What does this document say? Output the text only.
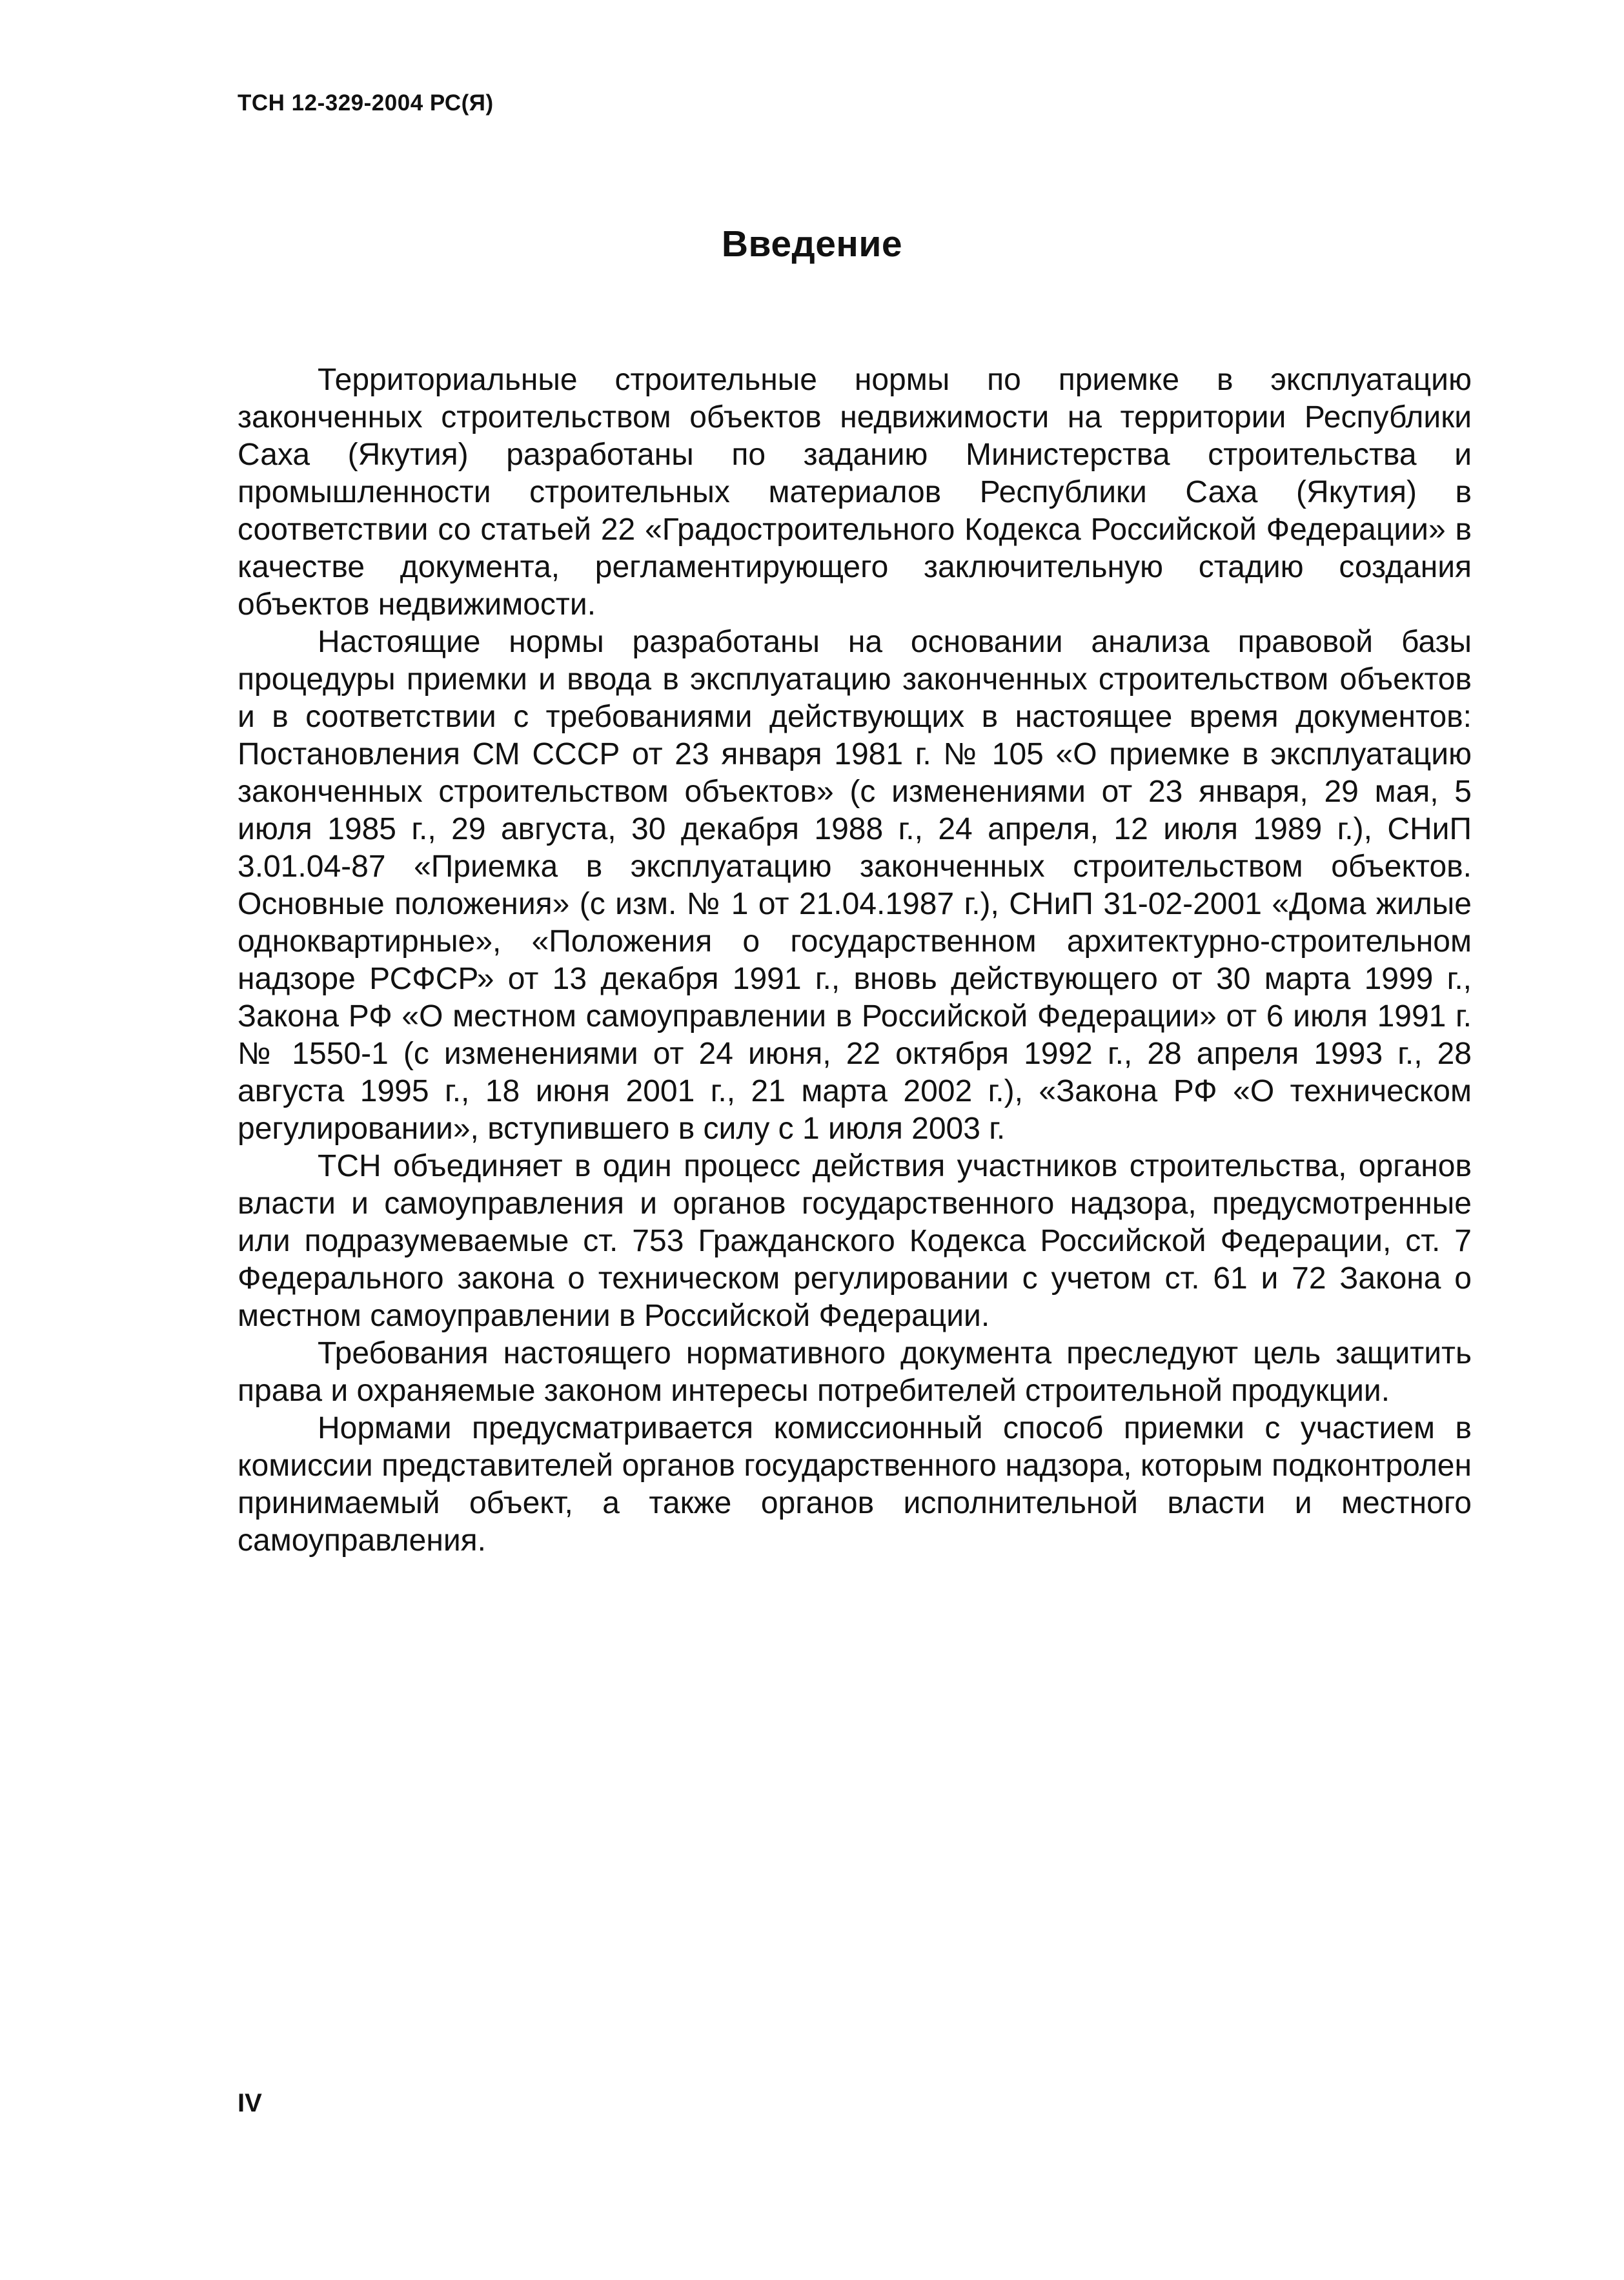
ТСН 12-329-2004 РС(Я)
Введение

Территориальные строительные нормы по приемке в эксплуатацию законченных строительством объектов недвижимости на территории Республики Саха (Якутия) разработаны по заданию Министерства строительства и промышленности строительных материалов Республики Саха (Якутия) в соответствии со статьей 22 «Градостроительного Кодекса Российской Федерации» в качестве документа, регламентирующего заключительную стадию создания объектов недвижимости.

Настоящие нормы разработаны на основании анализа правовой базы процедуры приемки и ввода в эксплуатацию законченных строительством объектов и в соответствии с требованиями действующих в настоящее время документов: Постановления СМ СССР от 23 января 1981 г. № 105 «О приемке в эксплуатацию законченных строительством объектов» (с изменениями от 23 января, 29 мая, 5 июля 1985 г., 29 августа, 30 декабря 1988 г., 24 апреля, 12 июля 1989 г.), СНиП 3.01.04-87 «Приемка в эксплуатацию законченных строительством объектов. Основные положения» (с изм. № 1 от 21.04.1987 г.), СНиП 31-02-2001 «Дома жилые одноквартирные», «Положения о государственном архитектурно-строительном надзоре РСФСР» от 13 декабря 1991 г., вновь действующего от 30 марта 1999 г., Закона РФ «О местном самоуправлении в Российской Федерации» от 6 июля 1991 г. № 1550-1 (с изменениями от 24 июня, 22 октября 1992 г., 28 апреля 1993 г., 28 августа 1995 г., 18 июня 2001 г., 21 марта 2002 г.), «Закона РФ «О техническом регулировании», вступившего в силу с 1 июля 2003 г.

ТСН объединяет в один процесс действия участников строительства, органов власти и самоуправления и органов государственного надзора, предусмотренные или подразумеваемые ст. 753 Гражданского Кодекса Российской Федерации, ст. 7 Федерального закона о техническом регулировании с учетом ст. 61 и 72 Закона о местном самоуправлении в Российской Федерации.

Требования настоящего нормативного документа преследуют цель защитить права и охраняемые законом интересы потребителей строительной продукции.

Нормами предусматривается комиссионный способ приемки с участием в комиссии представителей органов государственного надзора, которым подконтролен принимаемый объект, а также органов исполнительной власти и местного самоуправления.

IV
